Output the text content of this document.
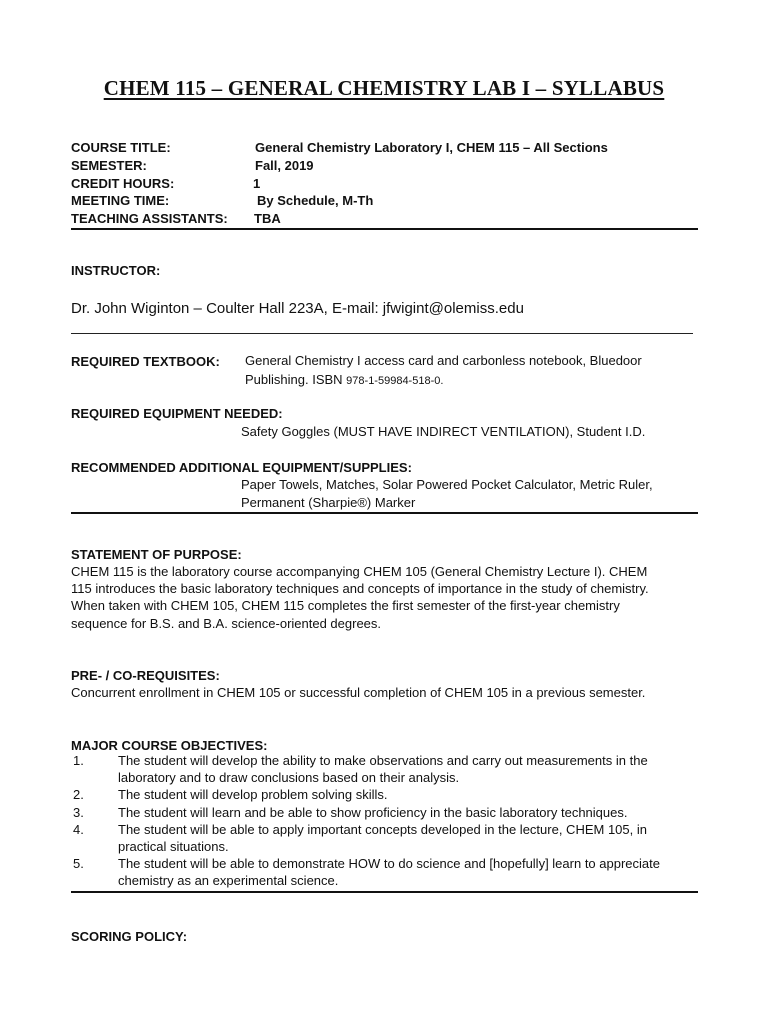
CHEM 115 – GENERAL CHEMISTRY LAB I – SYLLABUS
COURSE TITLE:	General Chemistry Laboratory I, CHEM 115 – All Sections
SEMESTER:	Fall, 2019
CREDIT HOURS:	1
MEETING TIME:	By Schedule, M-Th
TEACHING ASSISTANTS: TBA
INSTRUCTOR:
Dr. John Wiginton – Coulter Hall 223A, E-mail: jfwigint@olemiss.edu
REQUIRED TEXTBOOK: General Chemistry I access card and carbonless notebook, Bluedoor
Publishing. ISBN 978-1-59984-518-0.
REQUIRED EQUIPMENT NEEDED:
Safety Goggles (MUST HAVE INDIRECT VENTILATION), Student I.D.
RECOMMENDED ADDITIONAL EQUIPMENT/SUPPLIES:
Paper Towels, Matches, Solar Powered Pocket Calculator, Metric Ruler,
Permanent (Sharpie®) Marker
STATEMENT OF PURPOSE:
CHEM 115 is the laboratory course accompanying CHEM 105 (General Chemistry Lecture I). CHEM
115 introduces the basic laboratory techniques and concepts of importance in the study of chemistry.
When taken with CHEM 105, CHEM 115 completes the first semester of the first-year chemistry
sequence for B.S. and B.A. science-oriented degrees.
PRE- / CO-REQUISITES:
Concurrent enrollment in CHEM 105 or successful completion of CHEM 105 in a previous semester.
MAJOR COURSE OBJECTIVES:
1.	The student will develop the ability to make observations and carry out measurements in the
laboratory and to draw conclusions based on their analysis.
2.	The student will develop problem solving skills.
3.	The student will learn and be able to show proficiency in the basic laboratory techniques.
4.	The student will be able to apply important concepts developed in the lecture, CHEM 105, in
practical situations.
5.	The student will be able to demonstrate HOW to do science and [hopefully] learn to appreciate
chemistry as an experimental science.
SCORING POLICY:
